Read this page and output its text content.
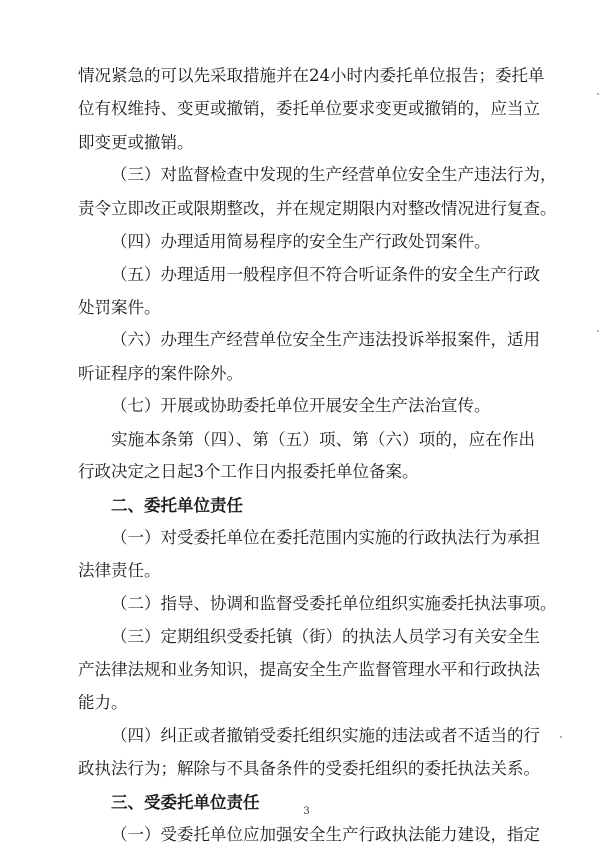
情况紧急的可以先采取措施并在24小时内委托单位报告；委托单
位有权维持、变更或撤销，委托单位要求变更或撤销的，应当立
即变更或撤销。
（三）对监督检查中发现的生产经营单位安全生产违法行为，
责令立即改正或限期整改，并在规定期限内对整改情况进行复查。
（四）办理适用简易程序的安全生产行政处罚案件。
（五）办理适用一般程序但不符合听证条件的安全生产行政
处罚案件。
（六）办理生产经营单位安全生产违法投诉举报案件，适用
听证程序的案件除外。
（七）开展或协助委托单位开展安全生产法治宣传。
实施本条第（四）、第（五）项、第（六）项的，应在作出
行政决定之日起3个工作日内报委托单位备案。
二、委托单位责任
（一）对受委托单位在委托范围内实施的行政执法行为承担
法律责任。
（二）指导、协调和监督受委托单位组织实施委托执法事项。
（三）定期组织受委托镇（街）的执法人员学习有关安全生
产法律法规和业务知识，提高安全生产监督管理水平和行政执法
能力。
（四）纠正或者撤销受委托组织实施的违法或者不适当的行
政执法行为；解除与不具备条件的受委托组织的委托执法关系。
三、受委托单位责任
（一）受委托单位应加强安全生产行政执法能力建设，指定
3
